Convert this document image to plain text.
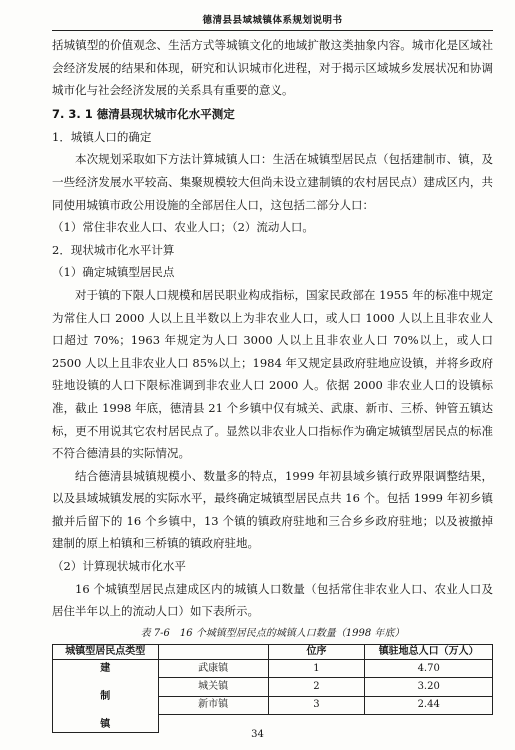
德清县县域城镇体系规划说明书

括城镇型的价值观念、生活方式等城镇文化的地域扩散这类抽象内容。城市化是区域社会经济发展的结果和体现，研究和认识城市化进程，对于揭示区域城乡发展状况和协调城市化与社会经济发展的关系具有重要的意义。

7. 3. 1 德清县现状城市化水平测定

1．城镇人口的确定

本次规划采取如下方法计算城镇人口：生活在城镇型居民点（包括建制市、镇，及一些经济发展水平较高、集聚规模较大但尚未设立建制镇的农村居民点）建成区内，共同使用城镇市政公用设施的全部居住人口，这包括二部分人口：

（1）常住非农业人口、农业人口；（2）流动人口。

2．现状城市化水平计算

（1）确定城镇型居民点

对于镇的下限人口规模和居民职业构成指标，国家民政部在 1955 年的标准中规定为常住人口 2000 人以上且半数以上为非农业人口，或人口 1000 人以上且非农业人口超过 70%；1963 年规定为人口 3000 人以上且非农业人口 70%以上，或人口 2500 人以上且非农业人口 85%以上；1984 年又规定县政府驻地应设镇，并将乡政府驻地设镇的人口下限标准调到非农业人口 2000 人。依据 2000 非农业人口的设镇标准，截止 1998 年底，德清县 21 个乡镇中仅有城关、武康、新市、三桥、钟管五镇达标，更不用说其它农村居民点了。显然以非农业人口指标作为确定城镇型居民点的标准不符合德清县的实际情况。

结合德清县城镇规模小、数量多的特点，1999 年初县域乡镇行政界限调整结果，以及县域城镇发展的实际水平，最终确定城镇型居民点共 16 个。包括 1999 年初乡镇撤并后留下的 16 个乡镇中，13 个镇的镇政府驻地和三合乡乡政府驻地；以及被撤掉建制的原上柏镇和三桥镇的镇政府驻地。

（2）计算现状城市化水平

16 个城镇型居民点建成区内的城镇人口数量（包括常住非农业人口、农业人口及居住半年以上的流动人口）如下表所示。

表 7-6　16 个城镇型居民点的城镇人口数量（1998 年底）
城镇型居民点类型		位序	镇驻地总人口（万人）
建

制

镇	武康镇	1	4.70
	城关镇	2	3.20
	新市镇	3	2.44

34
